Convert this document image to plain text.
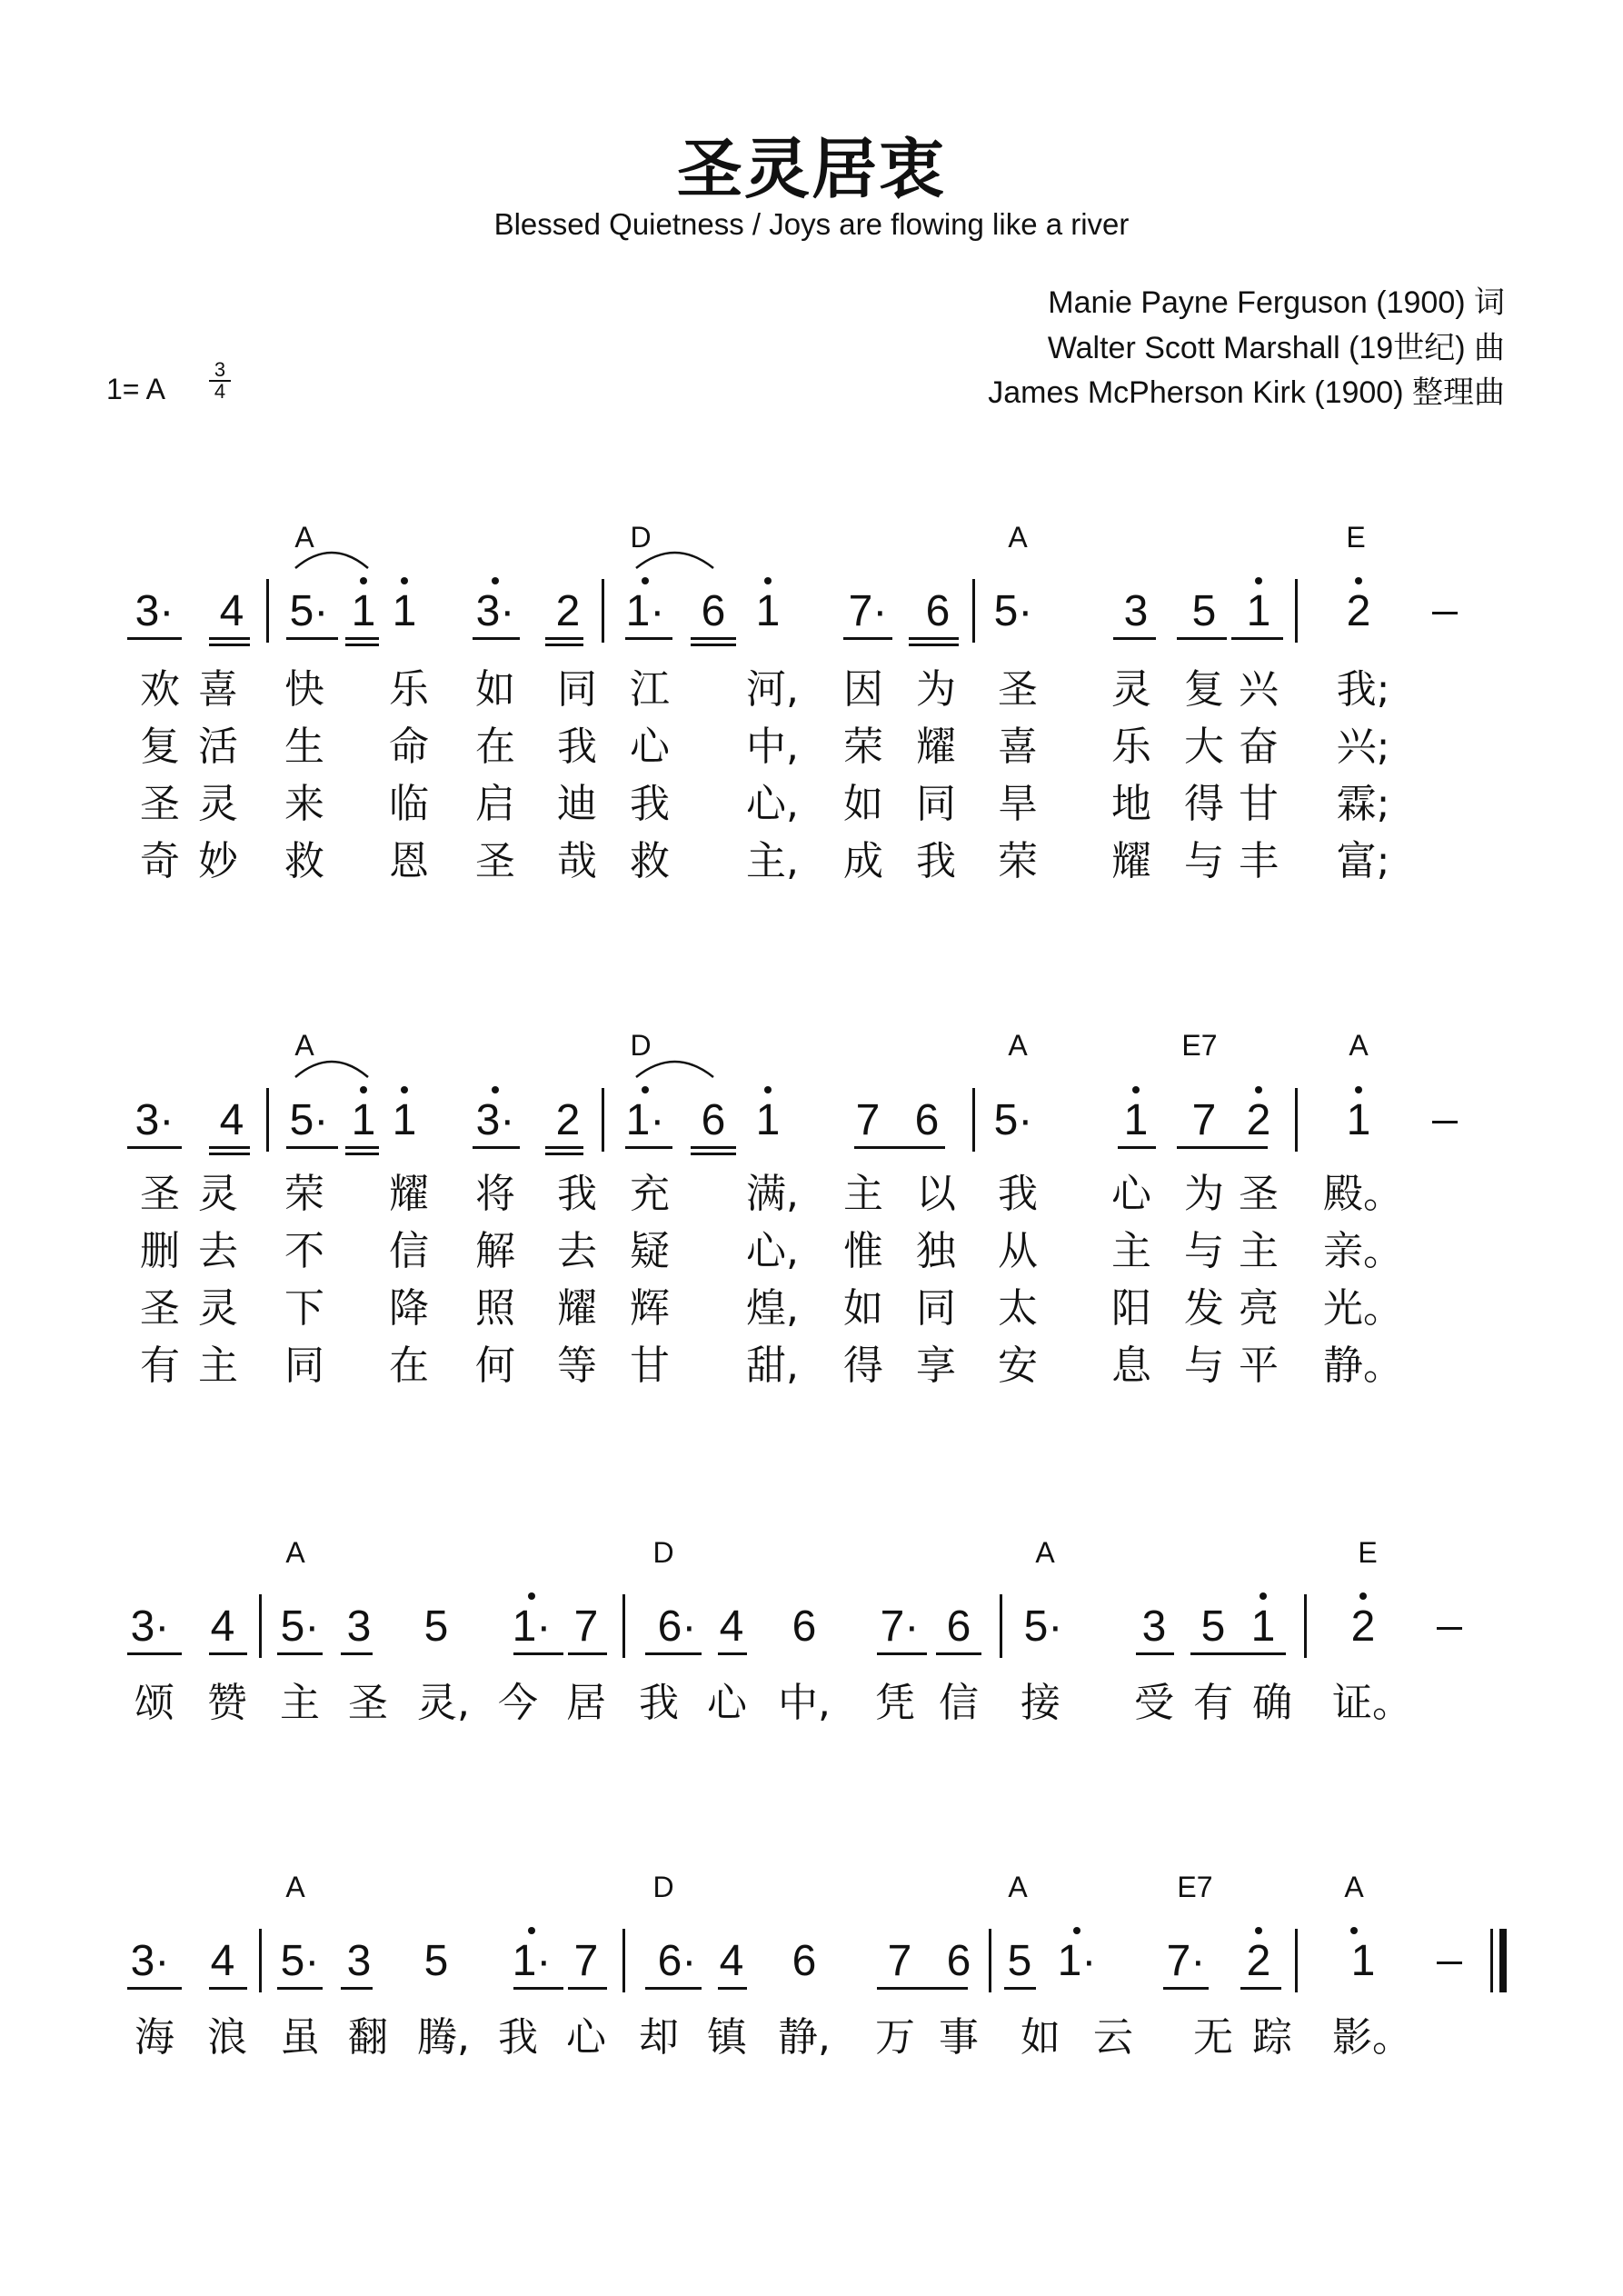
圣灵居衷
Blessed Quietness / Joys are flowing like a river
Manie Payne Ferguson (1900) 词
Walter Scott Marshall (19世纪) 曲
James McPherson Kirk (1900) 整理曲
1= A
3
4
A	D	A	E
3· 4 5· 1 1 3· 2 1· 6 1 7· 6 5· 3 5 1 2
欢 喜 快 乐 如 同 江 河, 因 为 圣 灵 复 兴 我;
复 活 生 命 在 我 心 中, 荣 耀 喜 乐 大 奋 兴;
圣 灵 来 临 启 迪 我 心, 如 同 旱 地 得 甘 霖;
奇 妙 救 恩 圣 哉 救 主, 成 我 荣 耀 与 丰 富;
A	D	A	E7	A
3· 4 5· 1 1 3· 2 1· 6 1 7 6 5· 1 7 2 1
圣 灵 荣 耀 将 我 充 满, 主 以 我 心 为 圣 殿。
删 去 不 信 解 去 疑 心, 惟 独 从 主 与 主 亲。
圣 灵 下 降 照 耀 辉 煌, 如 同 太 阳 发 亮 光。
有 主 同 在 何 等 甘 甜, 得 享 安 息 与 平 静。
A	D	A	E
3· 4 5· 3 5 1· 7 6· 4 6 7· 6 5· 3 5 1 2
颂 赞 主 圣 灵, 今 居 我 心 中, 凭 信 接 受 有 确 证。
A	D	A	E7	A
3· 4 5· 3 5 1· 7 6· 4 6 7 6 5 1· 7· 2 1
海 浪 虽 翻 腾, 我 心 却 镇 静, 万 事 如 云 无 踪 影。
